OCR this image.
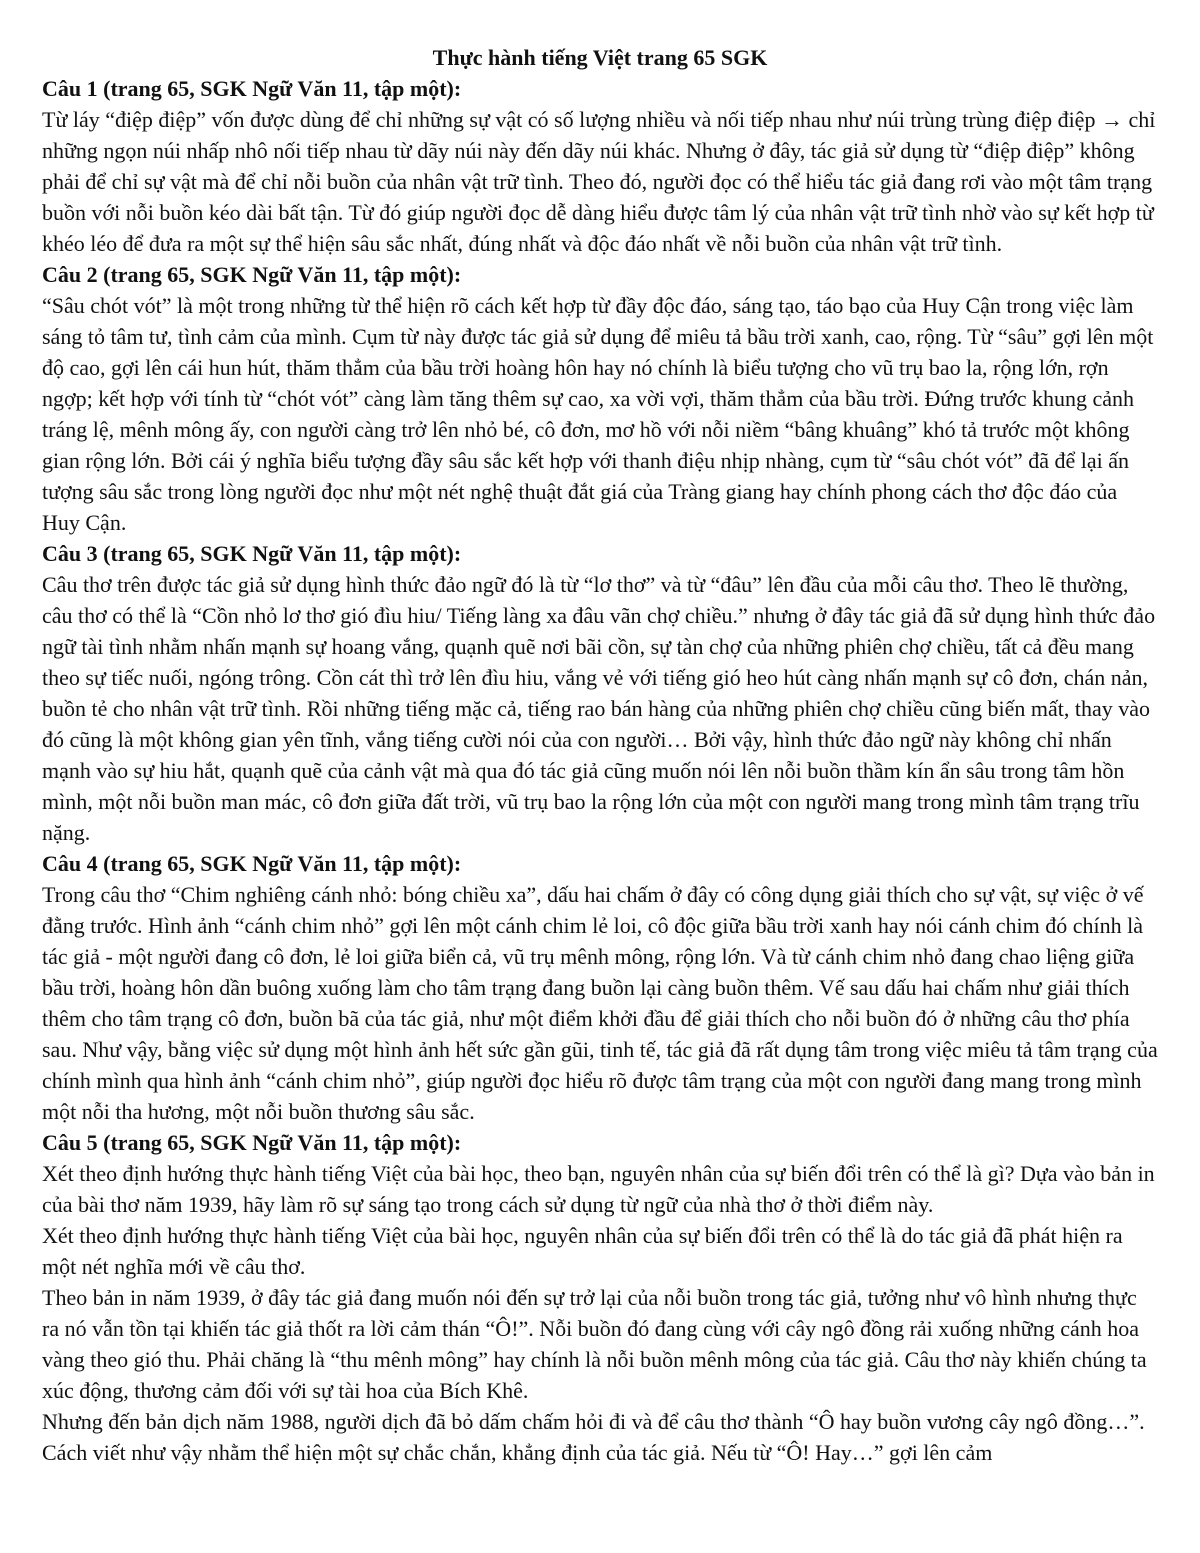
Thực hành tiếng Việt trang 65 SGK

Câu 1 (trang 65, SGK Ngữ Văn 11, tập một):

Từ láy “điệp điệp” vốn được dùng để chỉ những sự vật có số lượng nhiều và nối tiếp nhau như núi trùng trùng điệp điệp → chỉ những ngọn núi nhấp nhô nối tiếp nhau từ dãy núi này đến dãy núi khác. Nhưng ở đây, tác giả sử dụng từ “điệp điệp” không phải để chỉ sự vật mà để chỉ nỗi buồn của nhân vật trữ tình. Theo đó, người đọc có thể hiểu tác giả đang rơi vào một tâm trạng buồn với nỗi buồn kéo dài bất tận. Từ đó giúp người đọc dễ dàng hiểu được tâm lý của nhân vật trữ tình nhờ vào sự kết hợp từ khéo léo để đưa ra một sự thể hiện sâu sắc nhất, đúng nhất và độc đáo nhất về nỗi buồn của nhân vật trữ tình.

Câu 2 (trang 65, SGK Ngữ Văn 11, tập một):

“Sâu chót vót” là một trong những từ thể hiện rõ cách kết hợp từ đầy độc đáo, sáng tạo, táo bạo của Huy Cận trong việc làm sáng tỏ tâm tư, tình cảm của mình. Cụm từ này được tác giả sử dụng để miêu tả bầu trời xanh, cao, rộng. Từ “sâu” gợi lên một độ cao, gợi lên cái hun hút, thăm thẳm của bầu trời hoàng hôn hay nó chính là biểu tượng cho vũ trụ bao la, rộng lớn, rợn ngợp; kết hợp với tính từ “chót vót” càng làm tăng thêm sự cao, xa vời vợi, thăm thẳm của bầu trời. Đứng trước khung cảnh tráng lệ, mênh mông ấy, con người càng trở lên nhỏ bé, cô đơn, mơ hồ với nỗi niềm “bâng khuâng” khó tả trước một không gian rộng lớn. Bởi cái ý nghĩa biểu tượng đầy sâu sắc kết hợp với thanh điệu nhịp nhàng, cụm từ “sâu chót vót” đã để lại ấn tượng sâu sắc trong lòng người đọc như một nét nghệ thuật đắt giá của Tràng giang hay chính phong cách thơ độc đáo của Huy Cận.

Câu 3 (trang 65, SGK Ngữ Văn 11, tập một):

Câu thơ trên được tác giả sử dụng hình thức đảo ngữ đó là từ “lơ thơ” và từ “đâu” lên đầu của mỗi câu thơ. Theo lẽ thường, câu thơ có thể là “Cồn nhỏ lơ thơ gió đìu hiu/ Tiếng làng xa đâu vãn chợ chiều.” nhưng ở đây tác giả đã sử dụng hình thức đảo ngữ tài tình nhằm nhấn mạnh sự hoang vắng, quạnh quẽ nơi bãi cồn, sự tàn chợ của những phiên chợ chiều, tất cả đều mang theo sự tiếc nuối, ngóng trông. Cồn cát thì trở lên đìu hiu, vắng vẻ với tiếng gió heo hút càng nhấn mạnh sự cô đơn, chán nản, buồn tẻ cho nhân vật trữ tình. Rồi những tiếng mặc cả, tiếng rao bán hàng của những phiên chợ chiều cũng biến mất, thay vào đó cũng là một không gian yên tĩnh, vắng tiếng cười nói của con người… Bởi vậy, hình thức đảo ngữ này không chỉ nhấn mạnh vào sự hiu hắt, quạnh quẽ của cảnh vật mà qua đó tác giả cũng muốn nói lên nỗi buồn thầm kín ẩn sâu trong tâm hồn mình, một nỗi buồn man mác, cô đơn giữa đất trời, vũ trụ bao la rộng lớn của một con người mang trong mình tâm trạng trĩu nặng.

Câu 4 (trang 65, SGK Ngữ Văn 11, tập một):

Trong câu thơ “Chim nghiêng cánh nhỏ: bóng chiều xa”, dấu hai chấm ở đây có công dụng giải thích cho sự vật, sự việc ở vế đằng trước. Hình ảnh “cánh chim nhỏ” gợi lên một cánh chim lẻ loi, cô độc giữa bầu trời xanh hay nói cánh chim đó chính là tác giả - một người đang cô đơn, lẻ loi giữa biển cả, vũ trụ mênh mông, rộng lớn. Và từ cánh chim nhỏ đang chao liệng giữa bầu trời, hoàng hôn dần buông xuống làm cho tâm trạng đang buồn lại càng buồn thêm. Vế sau dấu hai chấm như giải thích thêm cho tâm trạng cô đơn, buồn bã của tác giả, như một điểm khởi đầu để giải thích cho nỗi buồn đó ở những câu thơ phía sau. Như vậy, bằng việc sử dụng một hình ảnh hết sức gần gũi, tinh tế, tác giả đã rất dụng tâm trong việc miêu tả tâm trạng của chính mình qua hình ảnh “cánh chim nhỏ”, giúp người đọc hiểu rõ được tâm trạng của một con người đang mang trong mình một nỗi tha hương, một nỗi buồn thương sâu sắc.

Câu 5 (trang 65, SGK Ngữ Văn 11, tập một):

Xét theo định hướng thực hành tiếng Việt của bài học, theo bạn, nguyên nhân của sự biến đổi trên có thể là gì? Dựa vào bản in của bài thơ năm 1939, hãy làm rõ sự sáng tạo trong cách sử dụng từ ngữ của nhà thơ ở thời điểm này.

Xét theo định hướng thực hành tiếng Việt của bài học, nguyên nhân của sự biến đổi trên có thể là do tác giả đã phát hiện ra một nét nghĩa mới về câu thơ.

Theo bản in năm 1939, ở đây tác giả đang muốn nói đến sự trở lại của nỗi buồn trong tác giả, tưởng như vô hình nhưng thực ra nó vẫn tồn tại khiến tác giả thốt ra lời cảm thán “Ô!”. Nỗi buồn đó đang cùng với cây ngô đồng rải xuống những cánh hoa vàng theo gió thu. Phải chăng là “thu mênh mông” hay chính là nỗi buồn mênh mông của tác giả. Câu thơ này khiến chúng ta xúc động, thương cảm đối với sự tài hoa của Bích Khê.

Nhưng đến bản dịch năm 1988, người dịch đã bỏ dấm chấm hỏi đi và để câu thơ thành “Ô hay buồn vương cây ngô đồng…”. Cách viết như vậy nhằm thể hiện một sự chắc chắn, khẳng định của tác giả. Nếu từ “Ô! Hay…” gợi lên cảm
